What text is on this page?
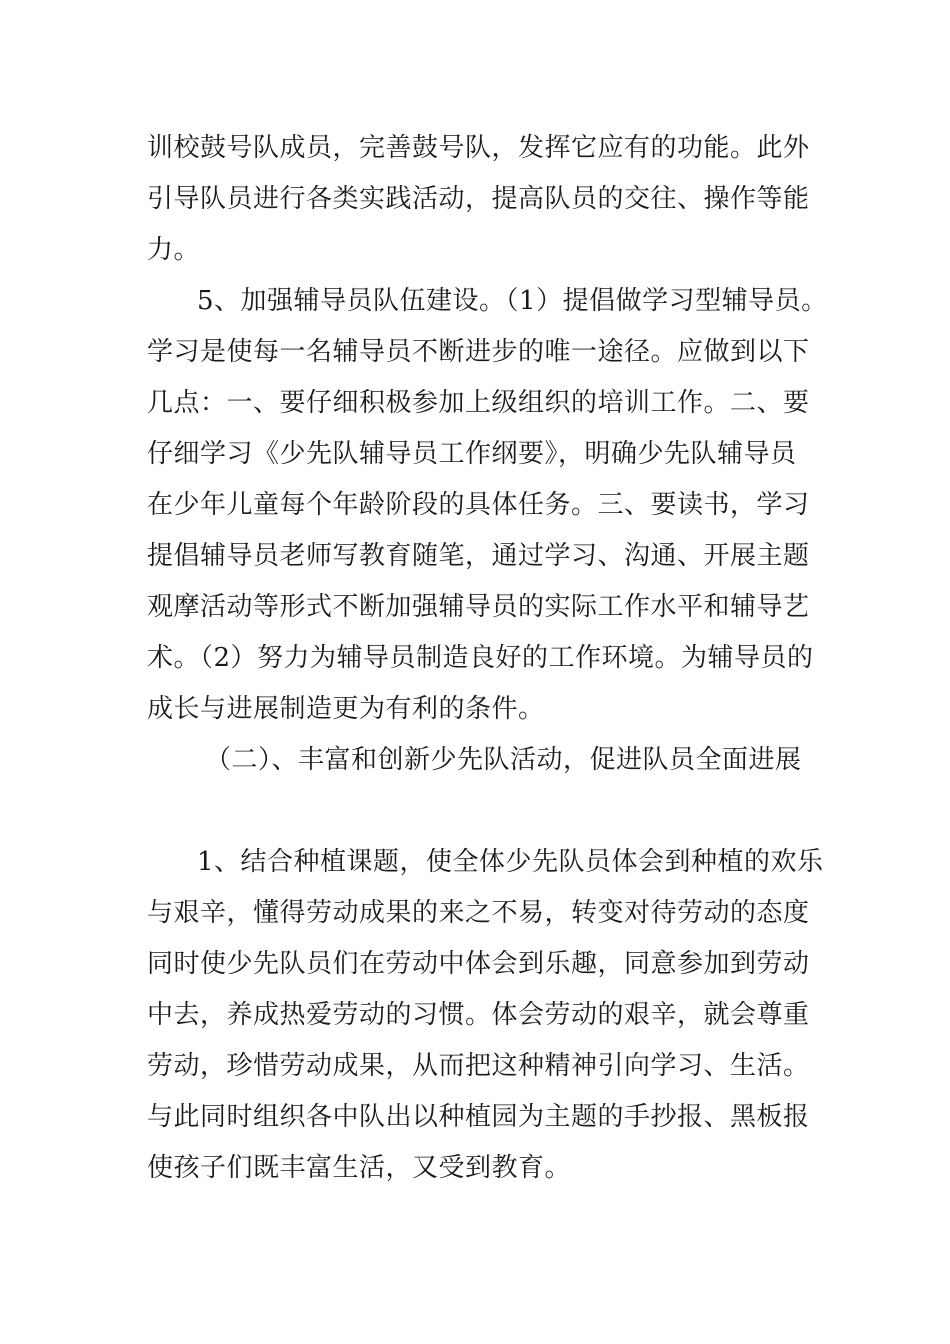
训校鼓号队成员，完善鼓号队，发挥它应有的功能。此外
引导队员进行各类实践活动，提高队员的交往、操作等能
力。
5、加强辅导员队伍建设。（1）提倡做学习型辅导员。
学习是使每一名辅导员不断进步的唯一途径。应做到以下
几点：一、要仔细积极参加上级组织的培训工作。二、要
仔细学习《少先队辅导员工作纲要》，明确少先队辅导员
在少年儿童每个年龄阶段的具体任务。三、要读书，学习
提倡辅导员老师写教育随笔，通过学习、沟通、开展主题
观摩活动等形式不断加强辅导员的实际工作水平和辅导艺
术。（2）努力为辅导员制造良好的工作环境。为辅导员的
成长与进展制造更为有利的条件。
（二）、丰富和创新少先队活动，促进队员全面进展
1、结合种植课题，使全体少先队员体会到种植的欢乐
与艰辛，懂得劳动成果的来之不易，转变对待劳动的态度
同时使少先队员们在劳动中体会到乐趣，同意参加到劳动
中去，养成热爱劳动的习惯。体会劳动的艰辛，就会尊重
劳动，珍惜劳动成果，从而把这种精神引向学习、生活。
与此同时组织各中队出以种植园为主题的手抄报、黑板报
使孩子们既丰富生活，又受到教育。
